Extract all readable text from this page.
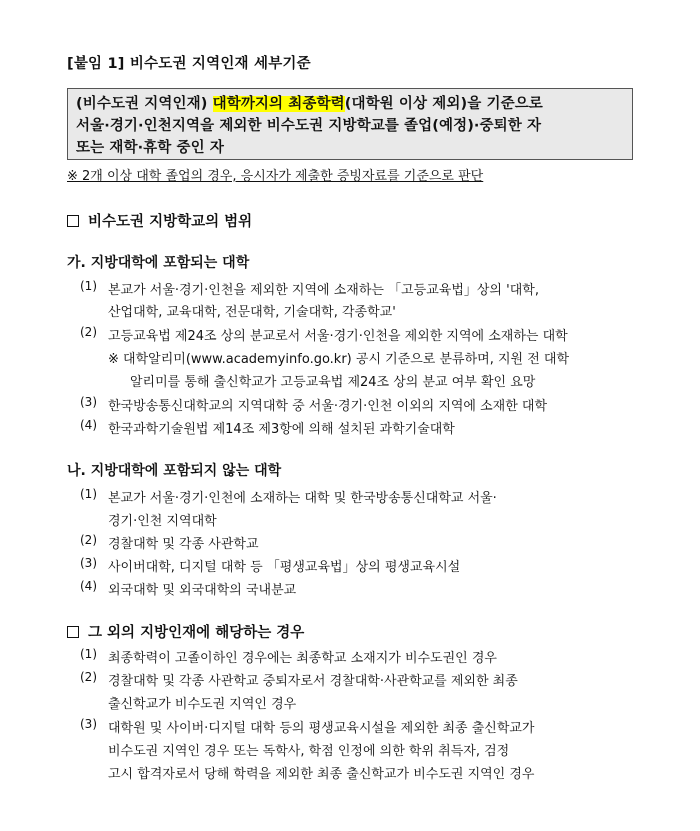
[붙임 1] 비수도권 지역인재 세부기준
(비수도권 지역인재) 대학까지의 최종학력(대학원 이상 제외)을 기준으로
서울·경기·인천지역을 제외한 비수도권 지방학교를 졸업(예정)·중퇴한 자
또는 재학·휴학 중인 자
※ 2개 이상 대학 졸업의 경우, 응시자가 제출한 증빙자료를 기준으로 판단
비수도권 지방학교의 범위
가. 지방대학에 포함되는 대학
(1) 본교가 서울·경기·인천을 제외한 지역에 소재하는 「고등교육법」상의 '대학,
산업대학, 교육대학, 전문대학, 기술대학, 각종학교'
(2) 고등교육법 제24조 상의 분교로서 서울·경기·인천을 제외한 지역에 소재하는 대학
※ 대학알리미(www.academyinfo.go.kr) 공시 기준으로 분류하며, 지원 전 대학
알리미를 통해 출신학교가 고등교육법 제24조 상의 분교 여부 확인 요망
(3) 한국방송통신대학교의 지역대학 중 서울·경기·인천 이외의 지역에 소재한 대학
(4) 한국과학기술원법 제14조 제3항에 의해 설치된 과학기술대학
나. 지방대학에 포함되지 않는 대학
(1) 본교가 서울·경기·인천에 소재하는 대학 및 한국방송통신대학교 서울·
경기·인천 지역대학
(2) 경찰대학 및 각종 사관학교
(3) 사이버대학, 디지털 대학 등 「평생교육법」상의 평생교육시설
(4) 외국대학 및 외국대학의 국내분교
그 외의 지방인재에 해당하는 경우
(1) 최종학력이 고졸이하인 경우에는 최종학교 소재지가 비수도권인 경우
(2) 경찰대학 및 각종 사관학교 중퇴자로서 경찰대학·사관학교를 제외한 최종
출신학교가 비수도권 지역인 경우
(3) 대학원 및 사이버·디지털 대학 등의 평생교육시설을 제외한 최종 출신학교가
비수도권 지역인 경우 또는 독학사, 학점 인정에 의한 학위 취득자, 검정
고시 합격자로서 당해 학력을 제외한 최종 출신학교가 비수도권 지역인 경우
